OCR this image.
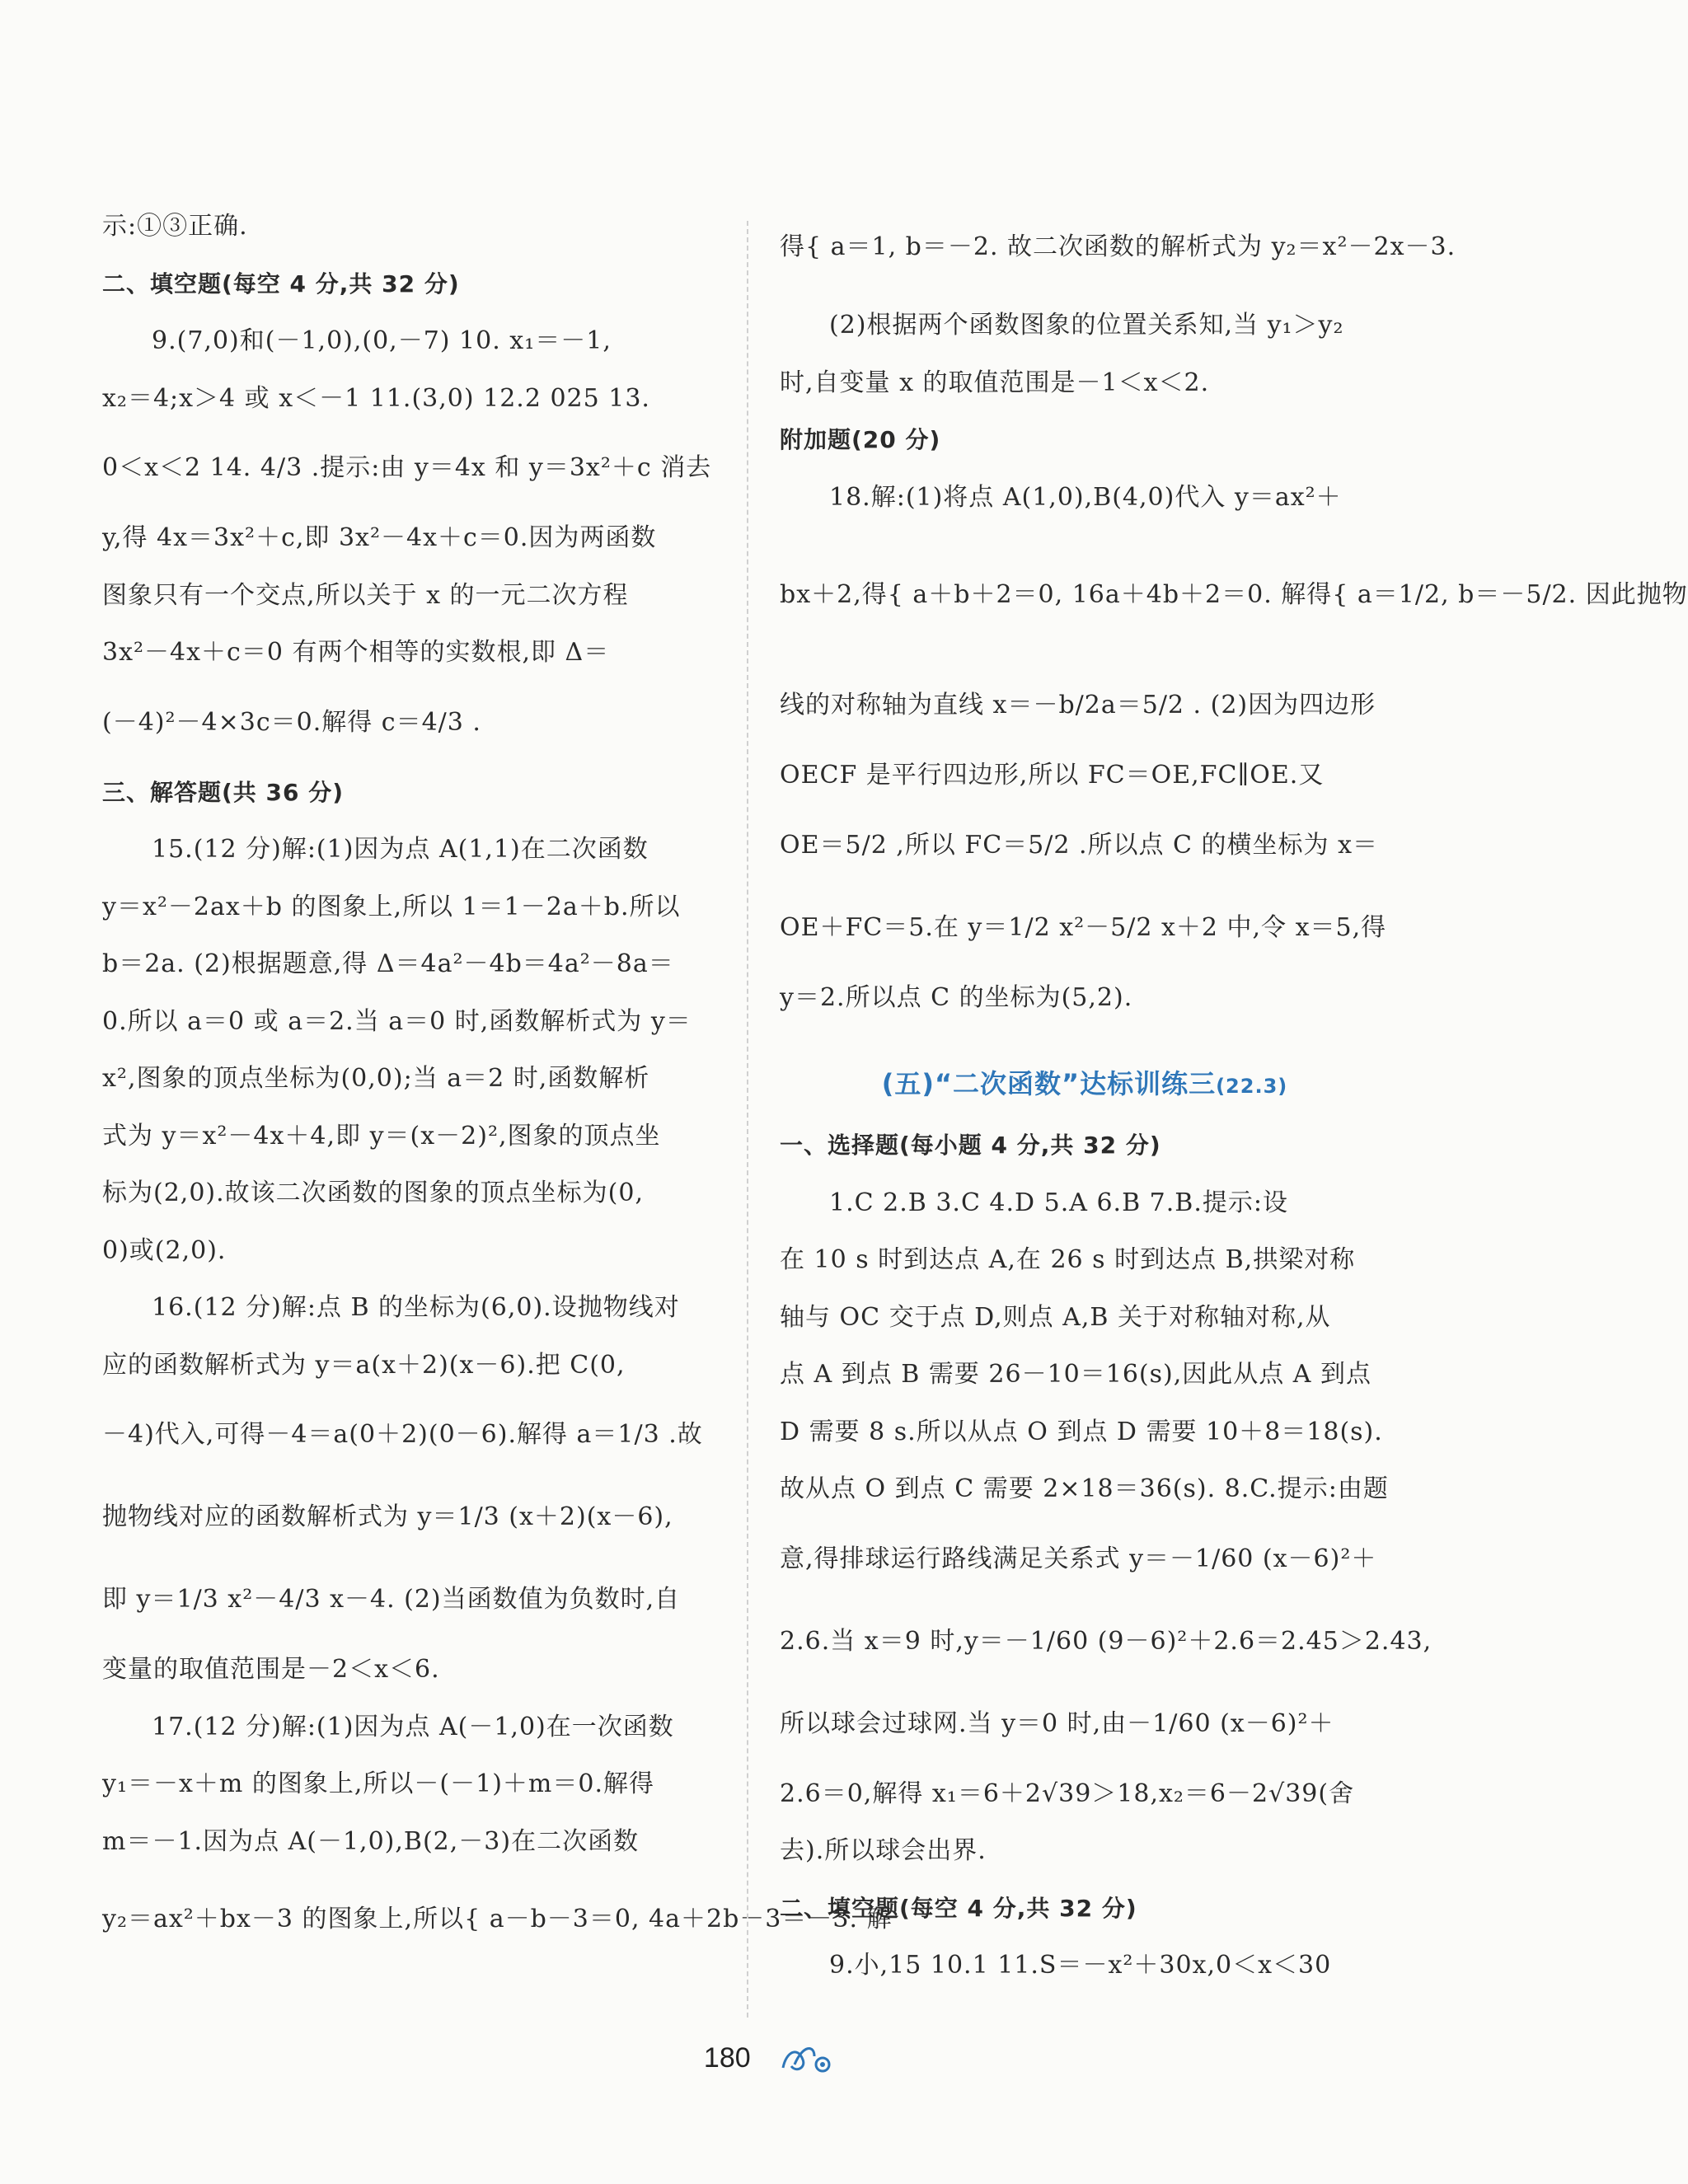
示:①③正确.
二、填空题(每空 4 分,共 32 分)
9.(7,0)和(－1,0),(0,－7) 10. x₁＝－1,
x₂＝4;x＞4 或 x＜－1 11.(3,0) 12.2 025 13.
0＜x＜2 14. 4/3 .提示:由 y＝4x 和 y＝3x²＋c 消去
y,得 4x＝3x²＋c,即 3x²－4x＋c＝0.因为两函数
图象只有一个交点,所以关于 x 的一元二次方程
3x²－4x＋c＝0 有两个相等的实数根,即 Δ＝
(－4)²－4×3c＝0.解得 c＝4/3 .
三、解答题(共 36 分)
15.(12 分)解:(1)因为点 A(1,1)在二次函数
y＝x²－2ax＋b 的图象上,所以 1＝1－2a＋b.所以
b＝2a. (2)根据题意,得 Δ＝4a²－4b＝4a²－8a＝
0.所以 a＝0 或 a＝2.当 a＝0 时,函数解析式为 y＝
x²,图象的顶点坐标为(0,0);当 a＝2 时,函数解析
式为 y＝x²－4x＋4,即 y＝(x－2)²,图象的顶点坐
标为(2,0).故该二次函数的图象的顶点坐标为(0,
0)或(2,0).
16.(12 分)解:点 B 的坐标为(6,0).设抛物线对
应的函数解析式为 y＝a(x＋2)(x－6).把 C(0,
－4)代入,可得－4＝a(0＋2)(0－6).解得 a＝1/3 .故
抛物线对应的函数解析式为 y＝1/3 (x＋2)(x－6),
即 y＝1/3 x²－4/3 x－4. (2)当函数值为负数时,自
变量的取值范围是－2＜x＜6.
17.(12 分)解:(1)因为点 A(－1,0)在一次函数
y₁＝－x＋m 的图象上,所以－(－1)＋m＝0.解得
m＝－1.因为点 A(－1,0),B(2,－3)在二次函数
y₂＝ax²＋bx－3 的图象上,所以{ a－b－3＝0, 4a＋2b－3＝－3. 解
得{ a＝1, b＝－2. 故二次函数的解析式为 y₂＝x²－2x－3.
(2)根据两个函数图象的位置关系知,当 y₁＞y₂
时,自变量 x 的取值范围是－1＜x＜2.
附加题(20 分)
18.解:(1)将点 A(1,0),B(4,0)代入 y＝ax²＋
bx＋2,得{ a＋b＋2＝0, 16a＋4b＋2＝0. 解得{ a＝1/2, b＝－5/2. 因此抛物
线的对称轴为直线 x＝－b/2a＝5/2 . (2)因为四边形
OECF 是平行四边形,所以 FC＝OE,FC∥OE.又
OE＝5/2 ,所以 FC＝5/2 .所以点 C 的横坐标为 x＝
OE＋FC＝5.在 y＝1/2 x²－5/2 x＋2 中,令 x＝5,得
y＝2.所以点 C 的坐标为(5,2).
(五)“二次函数”达标训练三(22.3)
一、选择题(每小题 4 分,共 32 分)
1.C 2.B 3.C 4.D 5.A 6.B 7.B.提示:设
在 10 s 时到达点 A,在 26 s 时到达点 B,拱梁对称
轴与 OC 交于点 D,则点 A,B 关于对称轴对称,从
点 A 到点 B 需要 26－10＝16(s),因此从点 A 到点
D 需要 8 s.所以从点 O 到点 D 需要 10＋8＝18(s).
故从点 O 到点 C 需要 2×18＝36(s). 8.C.提示:由题
意,得排球运行路线满足关系式 y＝－1/60 (x－6)²＋
2.6.当 x＝9 时,y＝－1/60 (9－6)²＋2.6＝2.45＞2.43,
所以球会过球网.当 y＝0 时,由－1/60 (x－6)²＋
2.6＝0,解得 x₁＝6＋2√39＞18,x₂＝6－2√39(舍
去).所以球会出界.
二、填空题(每空 4 分,共 32 分)
9.小,15 10.1 11.S＝－x²＋30x,0＜x＜30
180
